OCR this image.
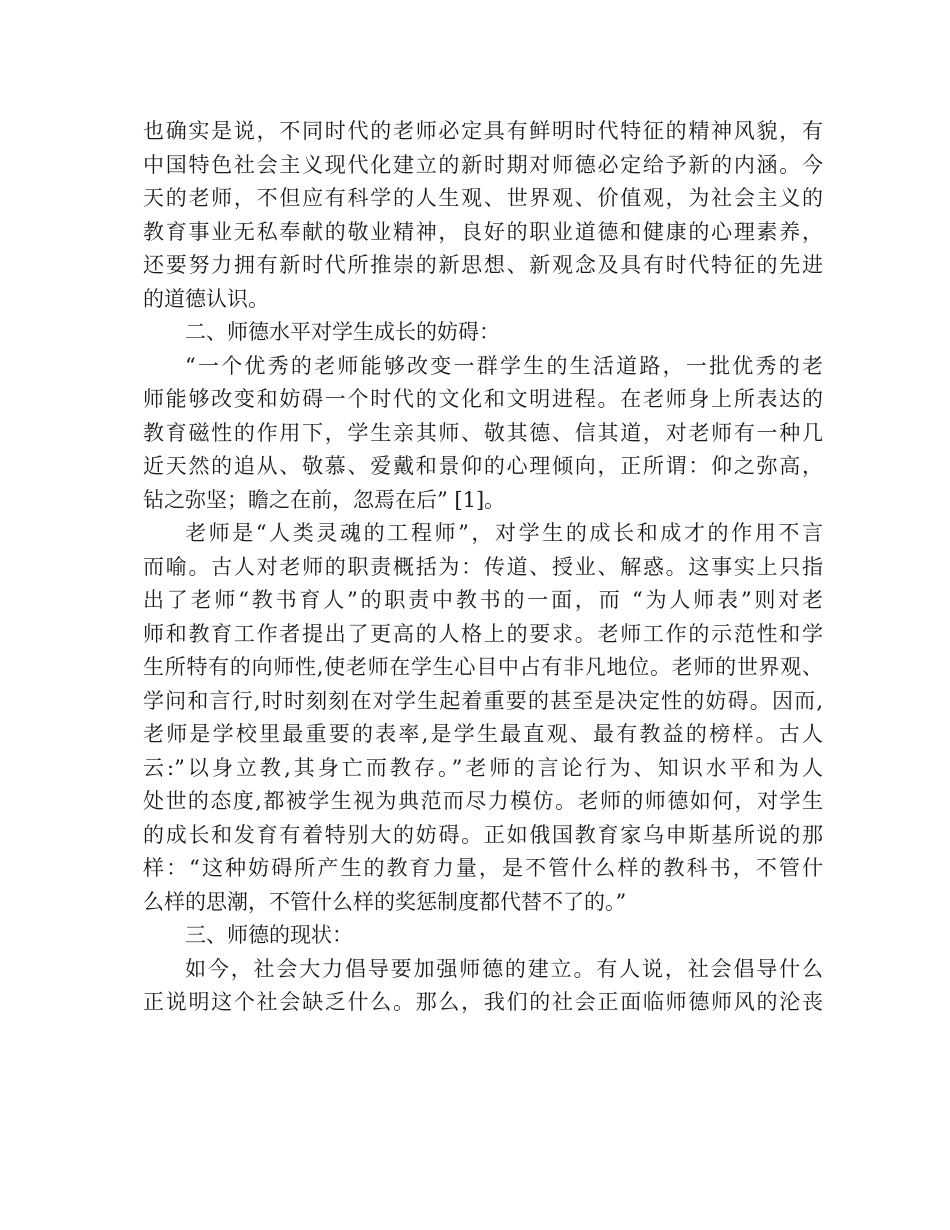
也确实是说，不同时代的老师必定具有鲜明时代特征的精神风貌，有
中国特色社会主义现代化建立的新时期对师德必定给予新的内涵。今
天的老师，不但应有科学的人生观、世界观、价值观，为社会主义的
教育事业无私奉献的敬业精神，良好的职业道德和健康的心理素养，
还要努力拥有新时代所推崇的新思想、新观念及具有时代特征的先进
的道德认识。
二、师德水平对学生成长的妨碍：
“一个优秀的老师能够改变一群学生的生活道路，一批优秀的老
师能够改变和妨碍一个时代的文化和文明进程。在老师身上所表达的
教育磁性的作用下，学生亲其师、敬其德、信其道，对老师有一种几
近天然的追从、敬慕、爱戴和景仰的心理倾向，正所谓：仰之弥高，
钻之弥坚；瞻之在前，忽焉在后” [1]。
老师是“人类灵魂的工程师”，对学生的成长和成才的作用不言
而喻。古人对老师的职责概括为：传道、授业、解惑。这事实上只指
出了老师“教书育人”的职责中教书的一面，而 “为人师表”则对老
师和教育工作者提出了更高的人格上的要求。老师工作的示范性和学
生所特有的向师性,使老师在学生心目中占有非凡地位。老师的世界观、
学问和言行,时时刻刻在对学生起着重要的甚至是决定性的妨碍。因而,
老师是学校里最重要的表率,是学生最直观、最有教益的榜样。古人
云:”以身立教,其身亡而教存。”老师的言论行为、知识水平和为人
处世的态度,都被学生视为典范而尽力模仿。老师的师德如何，对学生
的成长和发育有着特别大的妨碍。正如俄国教育家乌申斯基所说的那
样：“这种妨碍所产生的教育力量，是不管什么样的教科书，不管什
么样的思潮，不管什么样的奖惩制度都代替不了的。”
三、师德的现状：
如今，社会大力倡导要加强师德的建立。有人说，社会倡导什么
正说明这个社会缺乏什么。那么，我们的社会正面临师德师风的沦丧
